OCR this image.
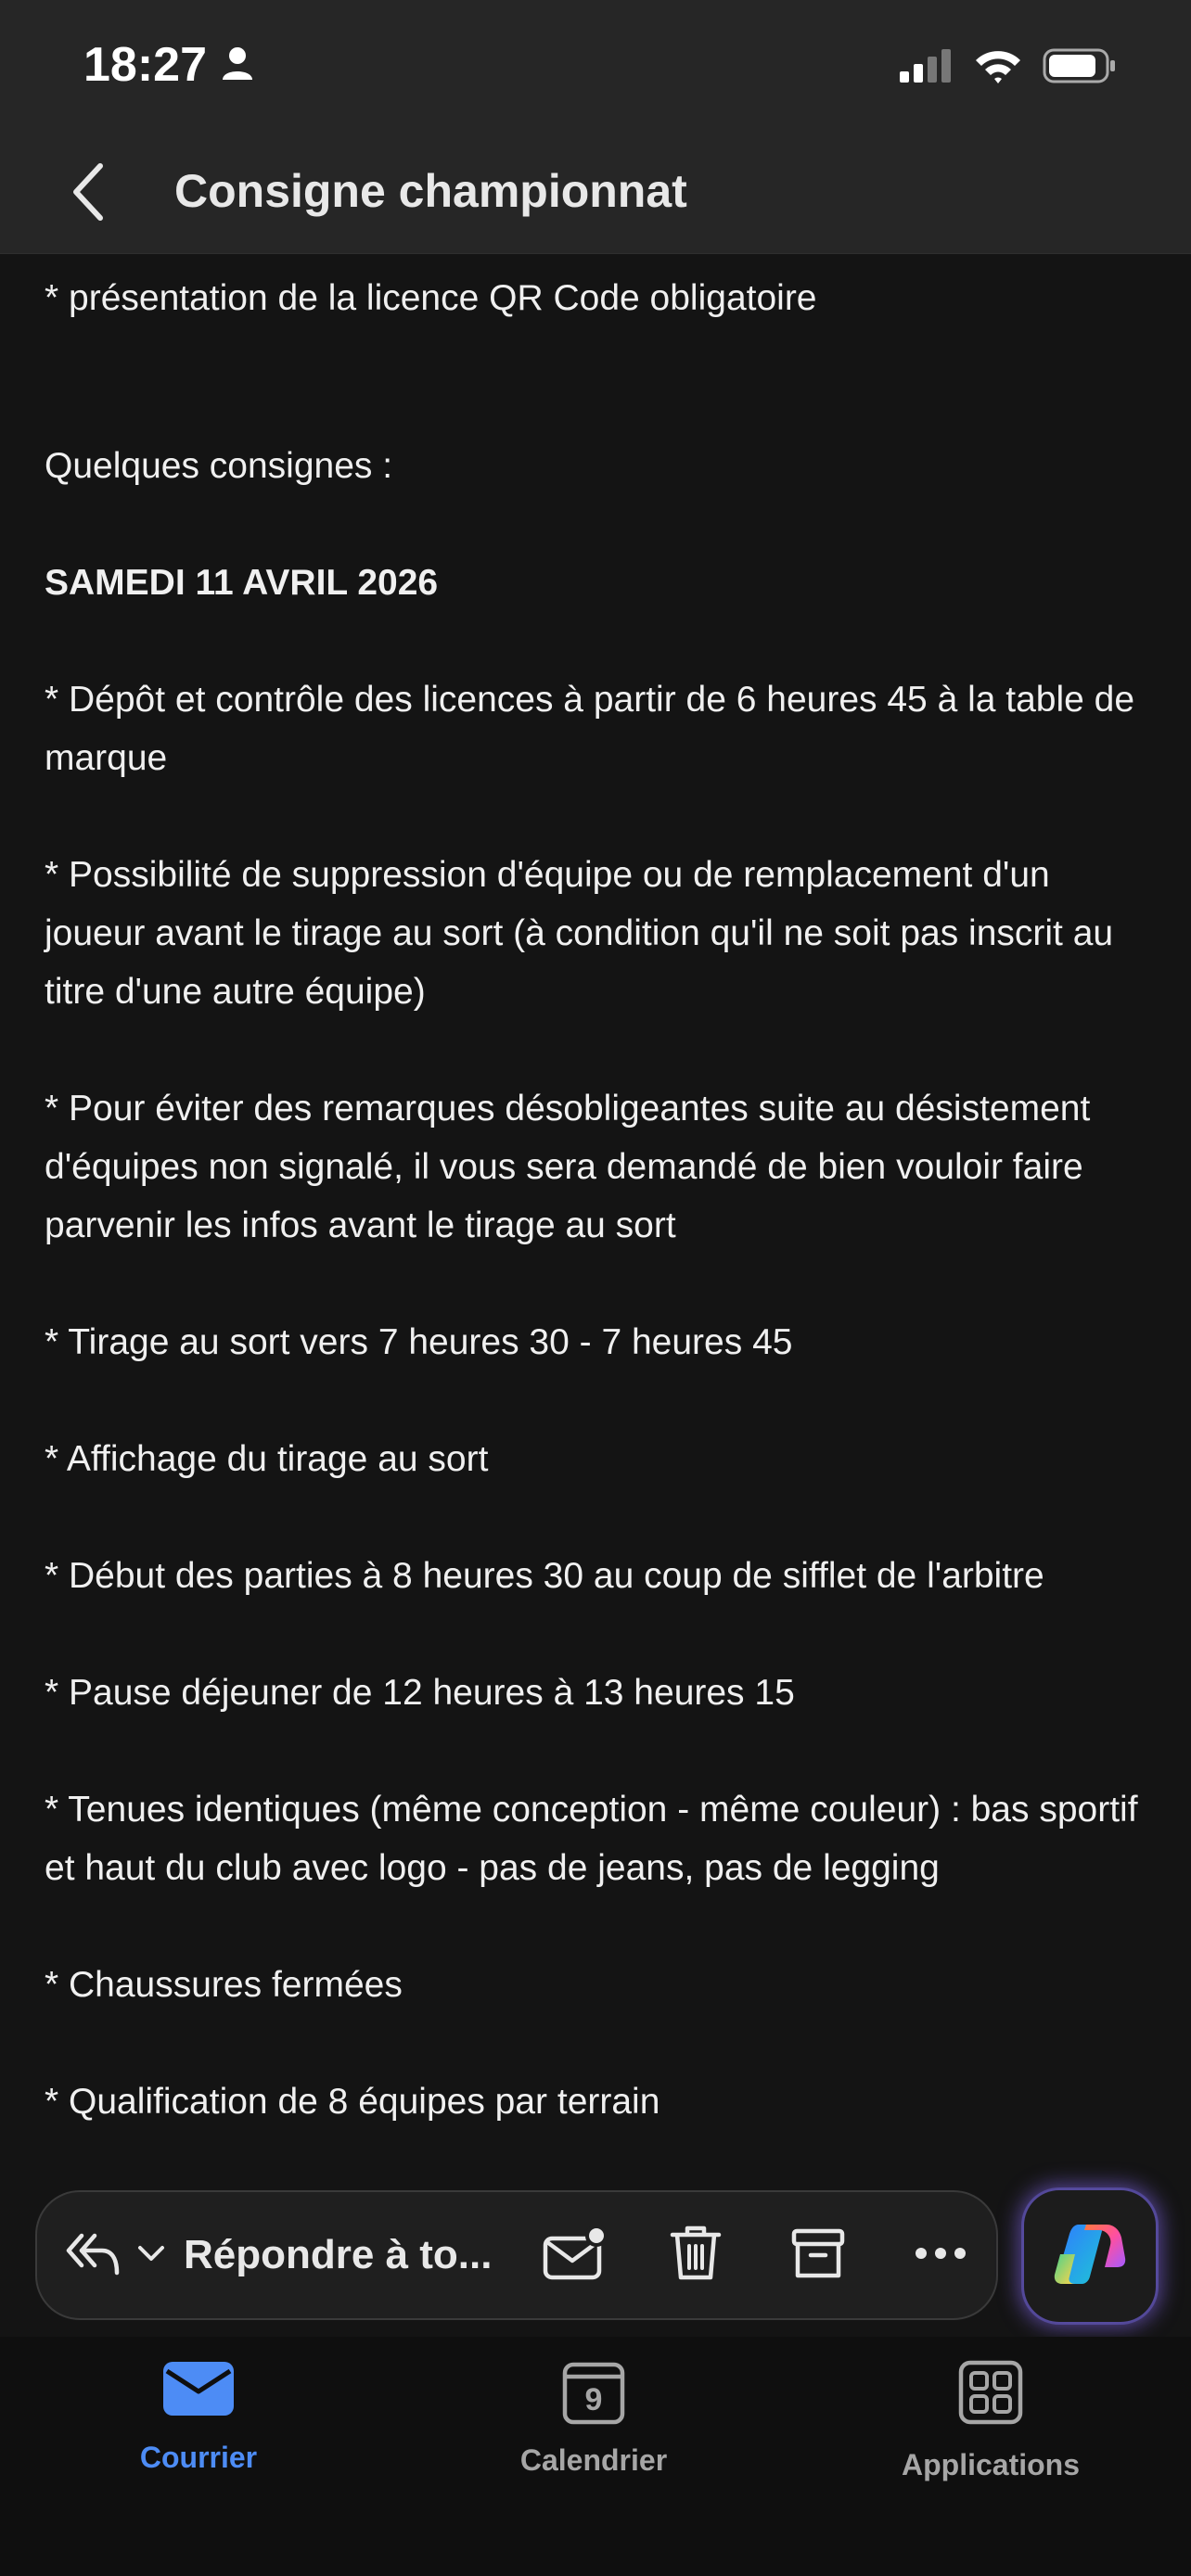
18:27
Consigne championnat

* présentation de la licence QR Code obligatoire

Quelques consignes :

SAMEDI 11 AVRIL 2026

* Dépôt et contrôle des licences à partir de 6 heures 45 à la table de marque

* Possibilité de suppression d'équipe ou de remplacement d'un joueur avant le tirage au sort (à condition qu'il ne soit pas inscrit au titre d'une autre équipe)

* Pour éviter des remarques désobligeantes suite au désistement d'équipes non signalé, il vous sera demandé de bien vouloir faire parvenir les infos avant le tirage au sort

* Tirage au sort vers 7 heures 30 - 7 heures 45

* Affichage du tirage au sort

* Début des parties à 8 heures 30 au coup de sifflet de l'arbitre

* Pause déjeuner de 12 heures à 13 heures 15

* Tenues identiques (même conception - même couleur) : bas sportif et haut du club avec logo - pas de jeans, pas de legging

* Chaussures fermées

* Qualification de 8 équipes par terrain

Répondre à to...
Courrier
9
Calendrier	Applications
